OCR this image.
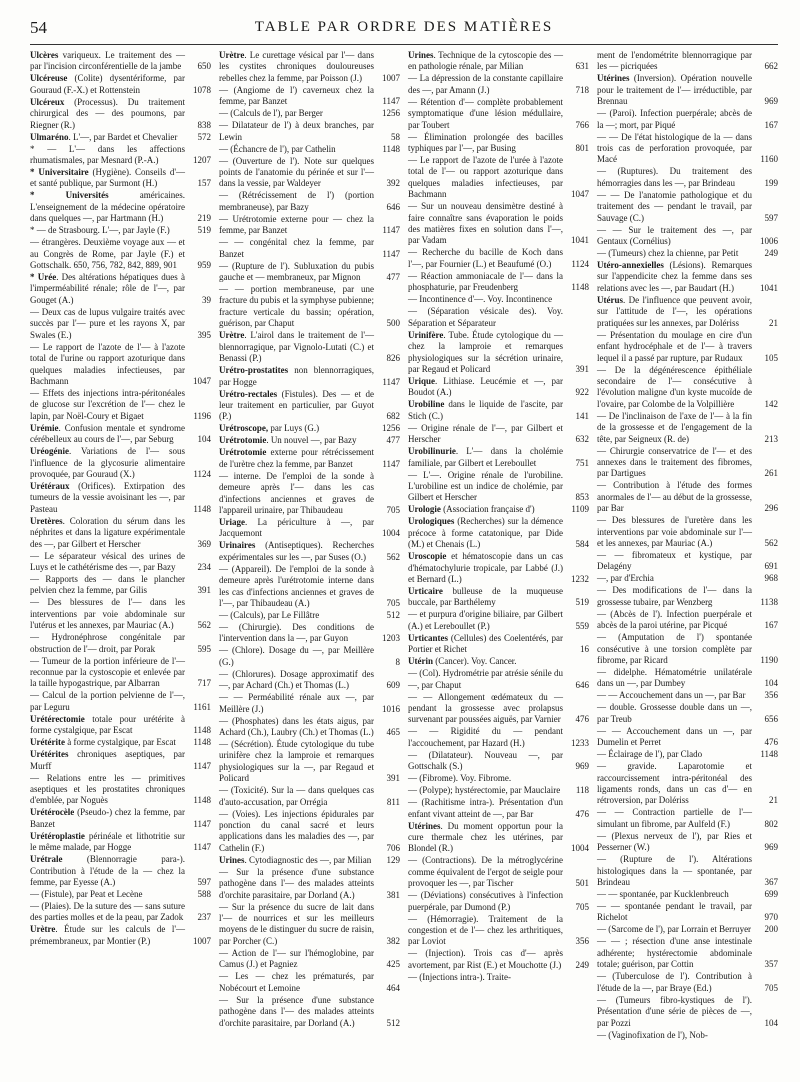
54	TABLE PAR ORDRE DES MATIÈRES
Ulcères variqueux. Le traitement des — par l'incision circonférentielle de la jambe	650
Ulcéreuse (Colite) dysentériforme, par Gouraud (F.-X.) et Rottenstein	1078
Ulcéreux (Processus). Du traitement chirurgical des — des poumons, par Riegner (R.)	838
Ulmaréno. L'—, par Bardet et Chevalier	572
* — L'— dans les affections rhumatismales, par Mesnard (P.-A.)	1207
* Universitaire (Hygiène). Conseils d'— et santé publique, par Surmont (H.)	157
* Universités américaines. L'enseignement de la médecine opératoire dans quelques —, par Hartmann (H.)	219
* — de Strasbourg. L'—, par Jayle (F.)	519
— étrangères. Deuxième voyage aux — et au Congrès de Rome, par Jayle (F.) et Gottschalk. 650, 756, 782, 842, 889, 901	959
* Urée. Des altérations hépatiques dues à l'imperméabilité rénale; rôle de l'—, par Gouget (A.)	39
— Deux cas de lupus vulgaire traités avec succès par l'— pure et les rayons X, par Swales (E.)	395
— Le rapport de l'azote de l'— à l'azote total de l'urine ou rapport azoturique dans quelques maladies infectieuses, par Bachmann	1047
— Effets des injections intra-péritonéales de glucose sur l'excrétion de l'— chez le lapin, par Noël-Coury et Bigaet	1196
Urémie. Confusion mentale et syndrome cérébelleux au cours de l'—, par Seburg	104
Uréogénie. Variations de l'— sous l'influence de la glycosurie alimentaire provoquée, par Gouraud (X.)	1124
Urétéraux (Orifices). Extirpation des tumeurs de la vessie avoisinant les —, par Pasteau	1148
Uretères. Coloration du sérum dans les néphrites et dans la ligature expérimentale des —, par Gilbert et Herscher	369
— Le séparateur vésical des urines de Luys et le cathétérisme des —, par Bazy	234
— Rapports des — dans le plancher pelvien chez la femme, par Gilis	391
— Des blessures de l'— dans les interventions par voie abdominale sur l'utérus et les annexes, par Mauriac (A.)	562
— Hydronéphrose congénitale par obstruction de l'— droit, par Porak	595
— Tumeur de la portion inférieure de l'— reconnue par la cystoscopie et enlevée par la taille hypogastrique, par Albarran	717
— Calcul de la portion pelvienne de l'—, par Leguru	1161
Urétérectomie totale pour urétérite à forme cystalgique, par Escat	1148
Urétérite à forme cystalgique, par Escat	1148
Urétérites chroniques aseptiques, par Murff	1147
— Relations entre les — primitives aseptiques et les prostatites chroniques d'emblée, par Noguès	1148
Urétérocèle (Pseudo-) chez la femme, par Banzet	1147
Urétéroplastie périnéale et lithotritie sur le même malade, par Hogge	1147
Urétrale (Blennorragie para-). Contribution à l'étude de la — chez la femme, par Eyesse (A.)	597
— (Fistule), par Peat et Lecène	588
— (Plaies). De la suture des — sans suture des parties molles et de la peau, par Zadok	237
Urètre. Étude sur les calculs de l'— prémembraneux, par Montier (P.)	1007
Urètre. Le curettage vésical par l'— dans les cystites chroniques douloureuses rebelles chez la femme, par Poisson (J.)	1007
— (Angiome de l') caverneux chez la femme, par Banzet	1147
— (Calculs de l'), par Berger	1256
— Dilatateur de l') à deux branches, par Lewin	58
— (Échancre de l'), par Cathelin	1148
— (Ouverture de l'). Note sur quelques points de l'anatomie du périnée et sur l'— dans la vessie, par Waldeyer	392
— (Rétrécissement de l') (portion membraneuse), par Bazy	646
— Urétrotomie externe pour — chez la femme, par Banzet	1147
— — congénital chez la femme, par Banzet	1147
— (Rupture de l'). Subluxation du pubis gauche et — membraneux, par Mignon	477
— — portion membraneuse, par une fracture du pubis et la symphyse pubienne; fracture verticale du bassin; opération, guérison, par Chaput	500
Urètre. L'airol dans le traitement de l'— blennorragique, par Vignolo-Lutati (C.) et Benassi (P.)	826
Urétro-prostatites non blennorragiques, par Hogge	1147
Urétro-rectales (Fistules). Des — et de leur traitement en particulier, par Guyot (P.)	682
Urétroscope, par Luys (G.)	1256
Urétrotomie. Un nouvel —, par Bazy	477
Urétrotomie externe pour rétrécissement de l'urètre chez la femme, par Banzet	1147
— interne. De l'emploi de la sonde à demeure après l'— dans les cas d'infections anciennes et graves de l'appareil urinaire, par Thibaudeau	705
Uriage. La périculture à —, par Jacquemont	1004
Urinaires (Antiseptiques). Recherches expérimentales sur les —, par Suses (O.)	562
— (Appareil). De l'emploi de la sonde à demeure après l'urétrotomie interne dans les cas d'infections anciennes et graves de l'—, par Thibaudeau (A.)	705
— (Calculs), par Le Fillâtre	512
— (Chirurgie). Des conditions de l'intervention dans la —, par Guyon	1203
— (Chlore). Dosage du —, par Meillère (G.)	8
— (Chlorures). Dosage approximatif des —, par Achard (Ch.) et Thomas (L.)	609
— — Perméabilité rénale aux —, par Meillère (J.)	1016
— (Phosphates) dans les états aigus, par Achard (Ch.), Laubry (Ch.) et Thomas (L.)	465
— (Sécrétion). Étude cytologique du tube urinifère chez la lamproie et remarques physiologiques sur la —, par Regaud et Policard	391
— (Toxicité). Sur la — dans quelques cas d'auto-accusation, par Orrégia	811
— (Voies). Les injections épidurales par ponction du canal sacré et leurs applications dans les maladies des —, par Cathelin (F.)	706
Urines. Cytodiagnostic des —, par Milian	129
— Sur la présence d'une substance pathogène dans l'— des malades atteints d'orchite parasitaire, par Dorland (A.)	381
— Sur la présence du sucre de lait dans l'— de nourrices et sur les meilleurs moyens de le distinguer du sucre de raisin, par Porcher (C.)	382
— Action de l'— sur l'hémoglobine, par Camus (J.) et Pagniez	425
— Les — chez les prématurés, par Nobécourt et Lemoine	464
— Sur la présence d'une substance pathogène dans l'— des malades atteints d'orchite parasitaire, par Dorland (A.)	512
Urines. Technique de la cytoscopie des — en pathologie rénale, par Milian	631
— La dépression de la constante capillaire des —, par Amann (J.)	718
— Rétention d'— complète probablement symptomatique d'une lésion médullaire, par Toubert	766
— Élimination prolongée des bacilles typhiques par l'—, par Busing	801
— Le rapport de l'azote de l'urée à l'azote total de l'— ou rapport azoturique dans quelques maladies infectieuses, par Bachmann	1047
— Sur un nouveau densimètre destiné à faire connaître sans évaporation le poids des matières fixes en solution dans l'—, par Vadam	1041
— Recherche du bacille de Koch dans l'—, par Fournier (L.) et Beaufumé (O.)	1124
— Réaction ammoniacale de l'— dans la phosphaturie, par Freudenberg	1148
— Incontinence d'—. Voy. Incontinence
— (Séparation vésicale des). Voy. Séparation et Séparateur
Urinifère. Tube. Étude cytologique du — chez la lamproie et remarques physiologiques sur la sécrétion urinaire, par Regaud et Policard	391
Urique. Lithiase. Leucémie et —, par Boudot (A.)	922
Urobiline dans le liquide de l'ascite, par Stich (C.)	141
— Origine rénale de l'—, par Gilbert et Herscher	632
Urobilinurie. L'— dans la cholémie familiale, par Gilbert et Lereboullet	751
— L'—. Origine rénale de l'urobiline. L'urobiline est un indice de cholémie, par Gilbert et Herscher	853
Urologie (Association française d')	1109
Urologiques (Recherches) sur la démence précoce à forme catatonique, par Dide (M.) et Chenais (L.)	584
Uroscopie et hématoscopie dans un cas d'hématochylurie tropicale, par Labbé (J.) et Bernard (L.)	1232
Urticaire bulleuse de la muqueuse buccale, par Barthélemy	519
— et purpura d'origine biliaire, par Gilbert (A.) et Lereboullet (P.)	559
Urticantes (Cellules) des Coelentérés, par Portier et Richet	16
Utérin (Cancer). Voy. Cancer.
— (Col). Hydrométrie par atrésie sénile du —, par Chaput	646
— — Allongement œdémateux du — pendant la grossesse avec prolapsus survenant par poussées aiguës, par Varnier	476
— — Rigidité du — pendant l'accouchement, par Hazard (H.)	1233
— (Dilatateur). Nouveau —, par Gottschalk (S.)	969
— (Fibrome). Voy. Fibrome.
— (Polype); hystérectomie, par Mauclaire	118
— (Rachitisme intra-). Présentation d'un enfant vivant atteint de —, par Bar	476
Utérines. Du moment opportun pour la cure thermale chez les utérines, par Blondel (R.)	1004
— (Contractions). De la métroglycérine comme équivalent de l'ergot de seigle pour provoquer les —, par Tischer	501
— (Déviations) consécutives à l'infection puerpérale, par Dumond (P.)	705
— (Hémorragie). Traitement de la congestion et de l'— chez les arthritiques, par Loviot	356
— (Injection). Trois cas d'— après avortement, par Rist (E.) et Mouchotte (J.)	249
— (Injections intra-). Traite-
ment de l'endométrite blennorragique par les — picriquées	662
Utérines (Inversion). Opération nouvelle pour le traitement de l'— irréductible, par Brennau	969
— (Paroi). Infection puerpérale; abcès de la —; mort, par Piqué	167
— — De l'état histologique de la — dans trois cas de perforation provoquée, par Macé	1160
— (Ruptures). Du traitement des hémorragies dans les —, par Brindeau	199
— — De l'anatomie pathologique et du traitement des — pendant le travail, par Sauvage (C.)	597
— — Sur le traitement des —, par Gentaux (Cornélius)	1006
— (Tumeurs) chez la chienne, par Petit	249
Utéro-annexielles (Lésions). Remarques sur l'appendicite chez la femme dans ses relations avec les —, par Baudart (H.)	1041
Utérus. De l'influence que peuvent avoir, sur l'attitude de l'—, les opérations pratiquées sur les annexes, par Dolériss	21
— Présentation du moulage en cire d'un enfant hydrocéphale et de l'— à travers lequel il a passé par rupture, par Rudaux	105
— De la dégénérescence épithéliale secondaire de l'— consécutive à l'évolution maligne d'un kyste mucoïde de l'ovaire, par Colombe de la Volpillière	142
— De l'inclinaison de l'axe de l'— à la fin de la grossesse et de l'engagement de la tête, par Seigneux (R. de)	213
— Chirurgie conservatrice de l'— et des annexes dans le traitement des fibromes, par Dartigues	261
— Contribution à l'étude des formes anormales de l'— au début de la grossesse, par Bar	296
— Des blessures de l'uretère dans les interventions par voie abdominale sur l'— et les annexes, par Mauriac (A.)	562
— — fibromateux et kystique, par Delagény	691
—, par d'Erchia	968
— Des modifications de l'— dans la grossesse tubaire, par Wenzberg	1138
— (Abcès de l'). Infection puerpérale et abcès de la paroi utérine, par Picqué	167
— (Amputation de l') spontanée consécutive à une torsion complète par fibrome, par Ricard	1190
— didelphe. Hématométrie unilatérale dans un —, par Dumbey	104
— — Accouchement dans un —, par Bar	356
— double. Grossesse double dans un —, par Treub	656
— — Accouchement dans un —, par Dumelin et Perret	476
— Éclairage de l'), par Clado	1148
— gravide. Laparotomie et raccourcissement intra-péritonéal des ligaments ronds, dans un cas d'— en rétroversion, par Dolériss	21
— — Contraction partielle de l'— simulant un fibrome, par Aulfeld (F.)	802
— (Plexus nerveux de l'), par Ries et Pesserner (W.)	969
— (Rupture de l'). Altérations histologiques dans la — spontanée, par Brindeau	367
— — spontanée, par Kucklenbreuch	699
— — spontanée pendant le travail, par Richelot	970
— (Sarcome de l'), par Lorrain et Berruyer	200
— — ; résection d'une anse intestinale adhérente; hystérectomie abdominale totale; guérison, par Cottin	357
— (Tuberculose de l'). Contribution à l'étude de la —, par Braye (Ed.)	705
— (Tumeurs fibro-kystiques de l'). Présentation d'une série de pièces de —, par Pozzi	104
— (Vaginofixation de l'), Nob-
